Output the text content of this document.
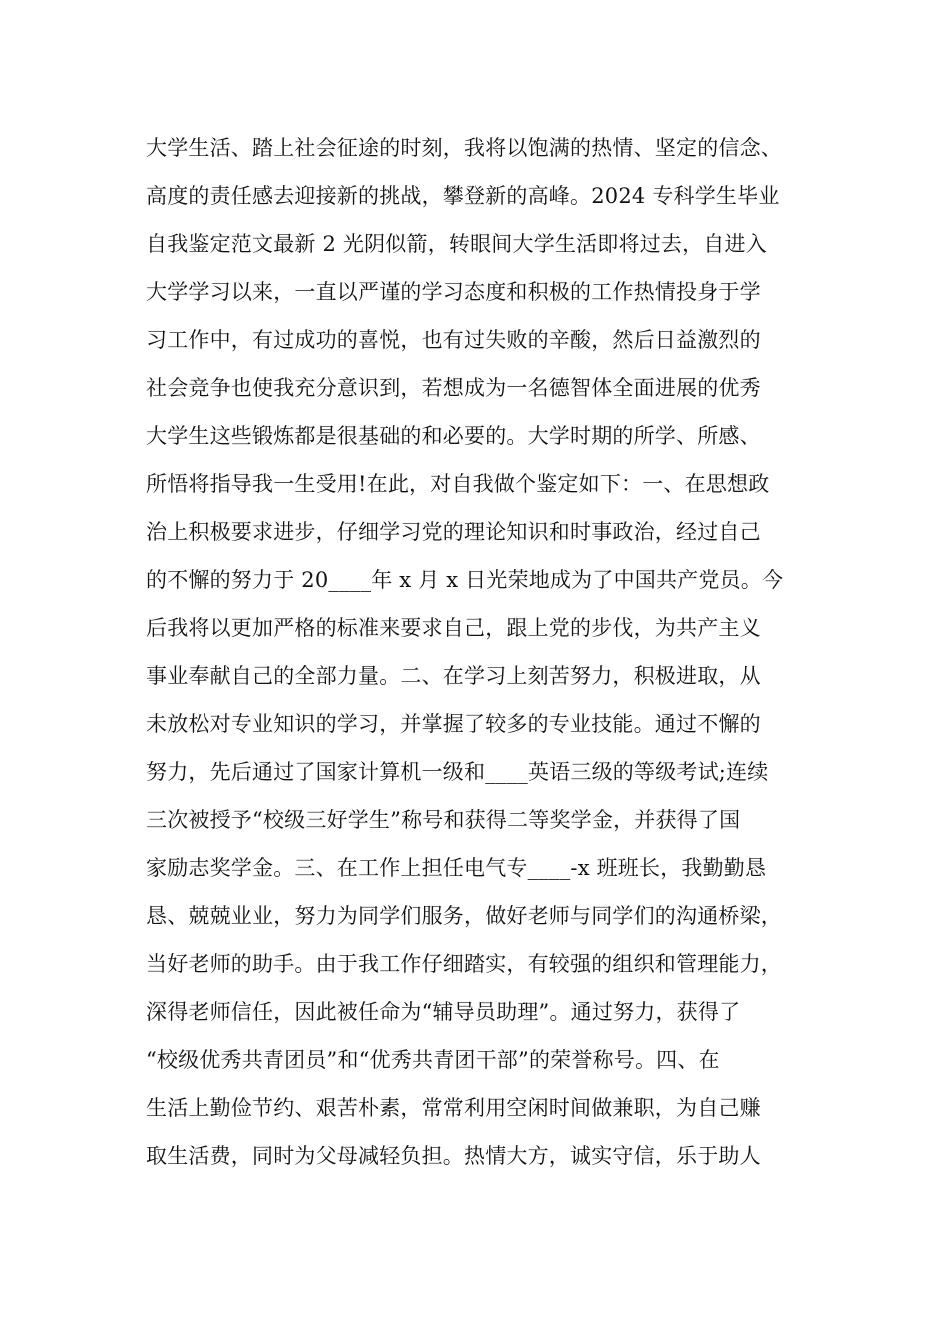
大学生活、踏上社会征途的时刻，我将以饱满的热情、坚定的信念、
高度的责任感去迎接新的挑战，攀登新的高峰。2024 专科学生毕业
自我鉴定范文最新 2 光阴似箭，转眼间大学生活即将过去，自进入
大学学习以来，一直以严谨的学习态度和积极的工作热情投身于学
习工作中，有过成功的喜悦，也有过失败的辛酸，然后日益激烈的
社会竞争也使我充分意识到，若想成为一名德智体全面进展的优秀
大学生这些锻炼都是很基础的和必要的。大学时期的所学、所感、
所悟将指导我一生受用!在此，对自我做个鉴定如下：一、在思想政
治上积极要求进步，仔细学习党的理论知识和时事政治，经过自己
的不懈的努力于 20____年 x 月 x 日光荣地成为了中国共产党员。今
后我将以更加严格的标准来要求自己，跟上党的步伐，为共产主义
事业奉献自己的全部力量。二、在学习上刻苦努力，积极进取，从
未放松对专业知识的学习，并掌握了较多的专业技能。通过不懈的
努力，先后通过了国家计算机一级和____英语三级的等级考试;连续
三次被授予“校级三好学生”称号和获得二等奖学金，并获得了国
家励志奖学金。三、在工作上担任电气专____-x 班班长，我勤勤恳
恳、兢兢业业，努力为同学们服务，做好老师与同学们的沟通桥梁，
当好老师的助手。由于我工作仔细踏实，有较强的组织和管理能力，
深得老师信任，因此被任命为“辅导员助理”。通过努力，获得了
“校级优秀共青团员”和“优秀共青团干部”的荣誉称号。四、在
生活上勤俭节约、艰苦朴素，常常利用空闲时间做兼职，为自己赚
取生活费，同时为父母减轻负担。热情大方，诚实守信，乐于助人
